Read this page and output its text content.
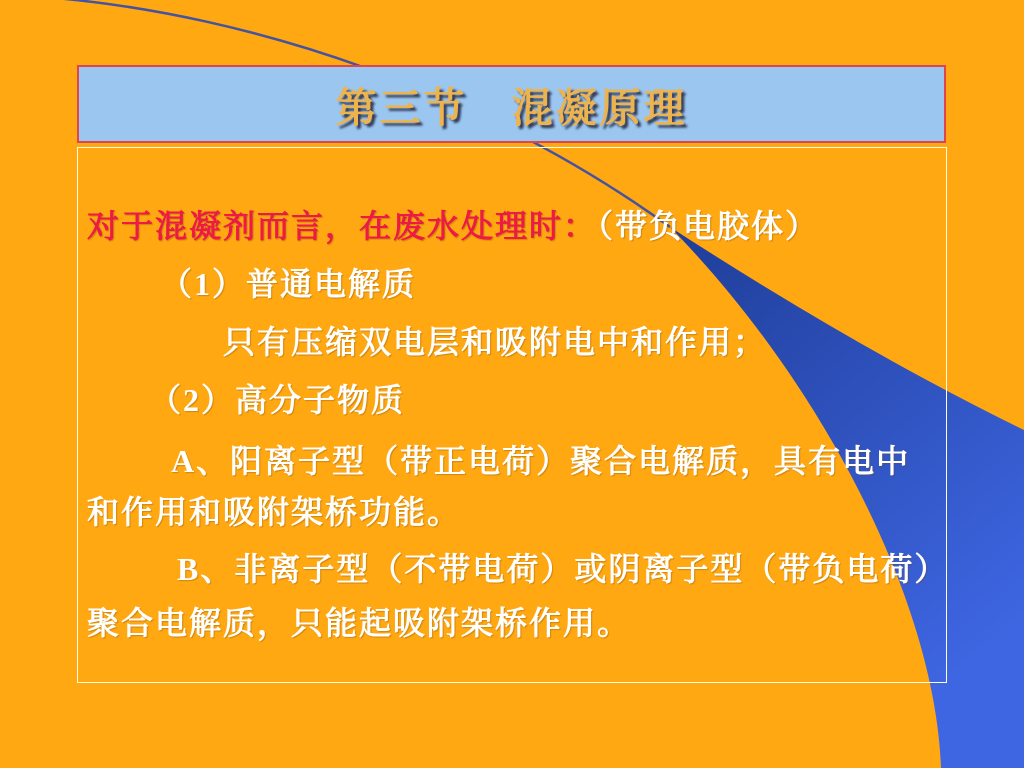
第三节　混凝原理
对于混凝剂而言，在废水处理时：（带负电胶体）
（1）普通电解质
只有压缩双电层和吸附电中和作用；
（2）高分子物质
A、阳离子型（带正电荷）聚合电解质，具有电中
和作用和吸附架桥功能。
B、非离子型（不带电荷）或阴离子型（带负电荷）
聚合电解质，只能起吸附架桥作用。
